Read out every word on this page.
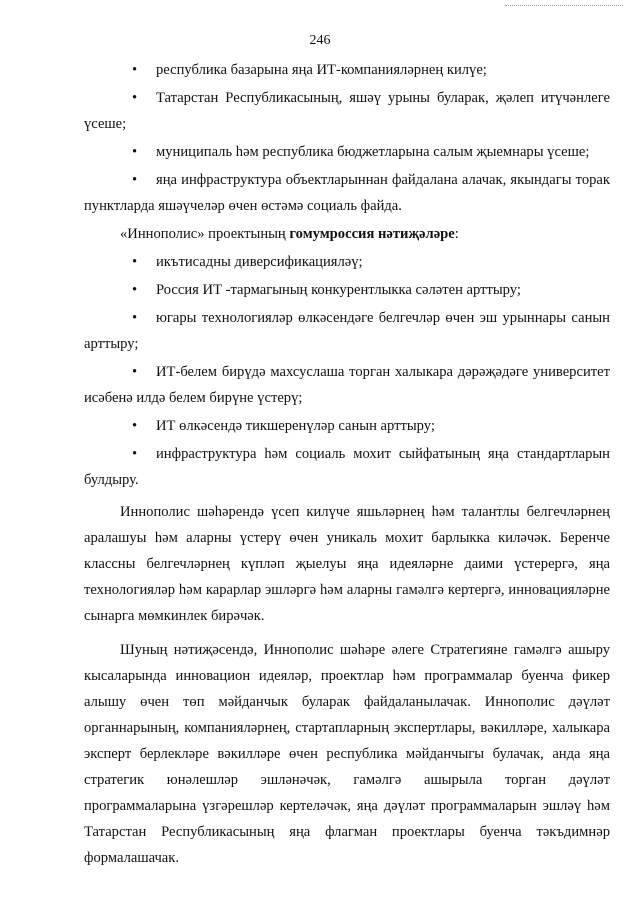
246

• республика базарына яңа ИТ-компанияләрнең килүе;

• Татарстан Республикасының, яшәү урыны буларак, җәлеп итүчәнлеге үсеше;

• муниципаль һәм республика бюджетларына салым җыемнары үсеше;

• яңа инфраструктура объектларыннан файдалана алачак, якындагы торак пунктларда яшәүчеләр өчен өстәмә социаль файда.

«Иннополис» проектының гомумроссия нәтиҗәләре:

• икътисадны диверсификацияләү;

• Россия ИТ -тармагының конкурентлыкка сәләтен арттыру;

• югары технологияләр өлкәсендәге белгечләр өчен эш урыннары санын арттыру;

• ИТ-белем бирүдә махсуслаша торган халыкара дәрәҗәдәге университет исәбенә илдә белем бирүне үстерү;

• ИТ өлкәсендә тикшеренүләр санын арттыру;

• инфраструктура һәм социаль мохит сыйфатының яңа стандартларын булдыру.

Иннополис шәһәрендә үсеп килүче яшьләрнең һәм талантлы белгечләрнең аралашуы һәм аларны үстерү өчен уникаль мохит барлыкка киләчәк. Беренче классны белгечләрнең күпләп җыелуы яңа идеяләрне даими үстерергә, яңа технологияләр һәм карарлар эшләргә һәм аларны гамәлгә кертергә, инновацияләрне сынарга мөмкинлек бирәчәк.

Шуның нәтиҗәсендә, Иннополис шәһәре әлеге Стратегияне гамәлгә ашыру кысаларында инновацион идеяләр, проектлар һәм программалар буенча фикер алышу өчен төп мәйданчык буларак файдаланылачак. Иннополис дәүләт органнарының, компанияләрнең, стартапларның экспертлары, вәкилләре, халыкара эксперт берлекләре вәкилләре өчен республика мәйданчыгы булачак, анда яңа стратегик юнәлешләр эшләнәчәк, гамәлгә ашырыла торган дәүләт программаларына үзгәрешләр кертеләчәк, яңа дәүләт программаларын эшләү һәм Татарстан Республикасының яңа флагман проектлары буенча тәкъдимнәр формалашачак.
